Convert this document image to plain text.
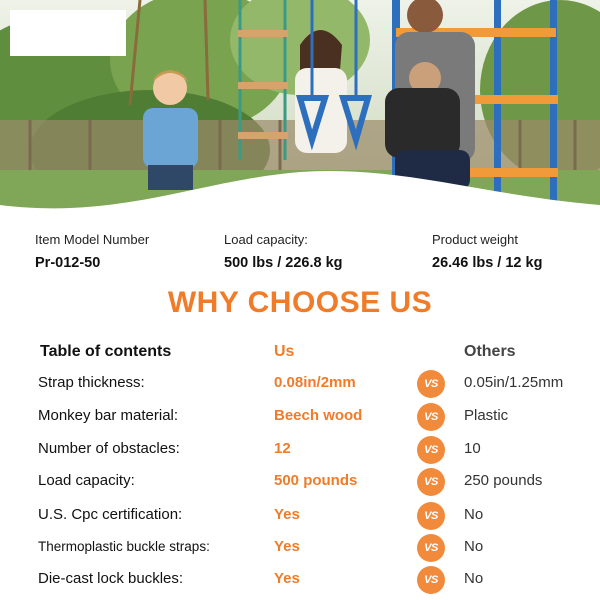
Item Model Number
Pr-012-50
Load capacity:
500 lbs / 226.8 kg
Product weight
26.46 lbs / 12 kg
WHY CHOOSE US
Table of contents	Us	Others
Strap thickness:	0.08in/2mm	VS 0.05in/1.25mm
Monkey bar material:	Beech wood	VS Plastic
Number of obstacles:	12	VS 10
Load capacity:	500 pounds	VS 250 pounds
U.S. Cpc certification:	Yes	VS No
Thermoplastic buckle straps:	Yes	VS No
Die-cast lock buckles:	Yes	VS No
